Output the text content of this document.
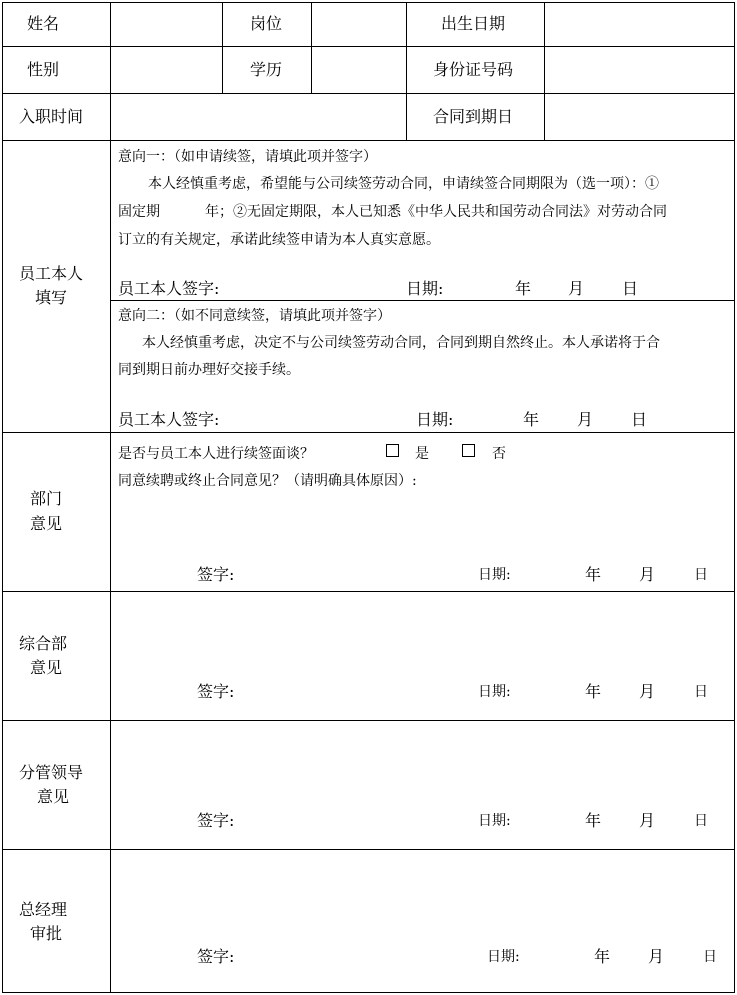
姓名	岗位	出生日期
性别	学历	身份证号码
入职时间	合同到期日
员工本人
填写
意向一：（如申请续签，请填此项并签字）
本人经慎重考虑，希望能与公司续签劳动合同，申请续签合同期限为（选一项）：①
固定期	年；②无固定期限，本人已知悉《中华人民共和国劳动合同法》对劳动合同
订立的有关规定，承诺此续签申请为本人真实意愿。
员工本人签字:	日期:	年 月 日
意向二：（如不同意续签，请填此项并签字）
本人经慎重考虑，决定不与公司续签劳动合同，合同到期自然终止。本人承诺将于合
同到期日前办理好交接手续。
员工本人签字:	日期:	年 月 日
部门
意见
是否与员工本人进行续签面谈？	是	否
同意续聘或终止合同意见？（请明确具体原因）:
签字:	日期:	年 月	日
综合部
意见
签字:	日期:	年 月	日
分管领导
意见
签字:	日期:	年 月	日
总经理
审批
签字:	日期:	年 月	日
